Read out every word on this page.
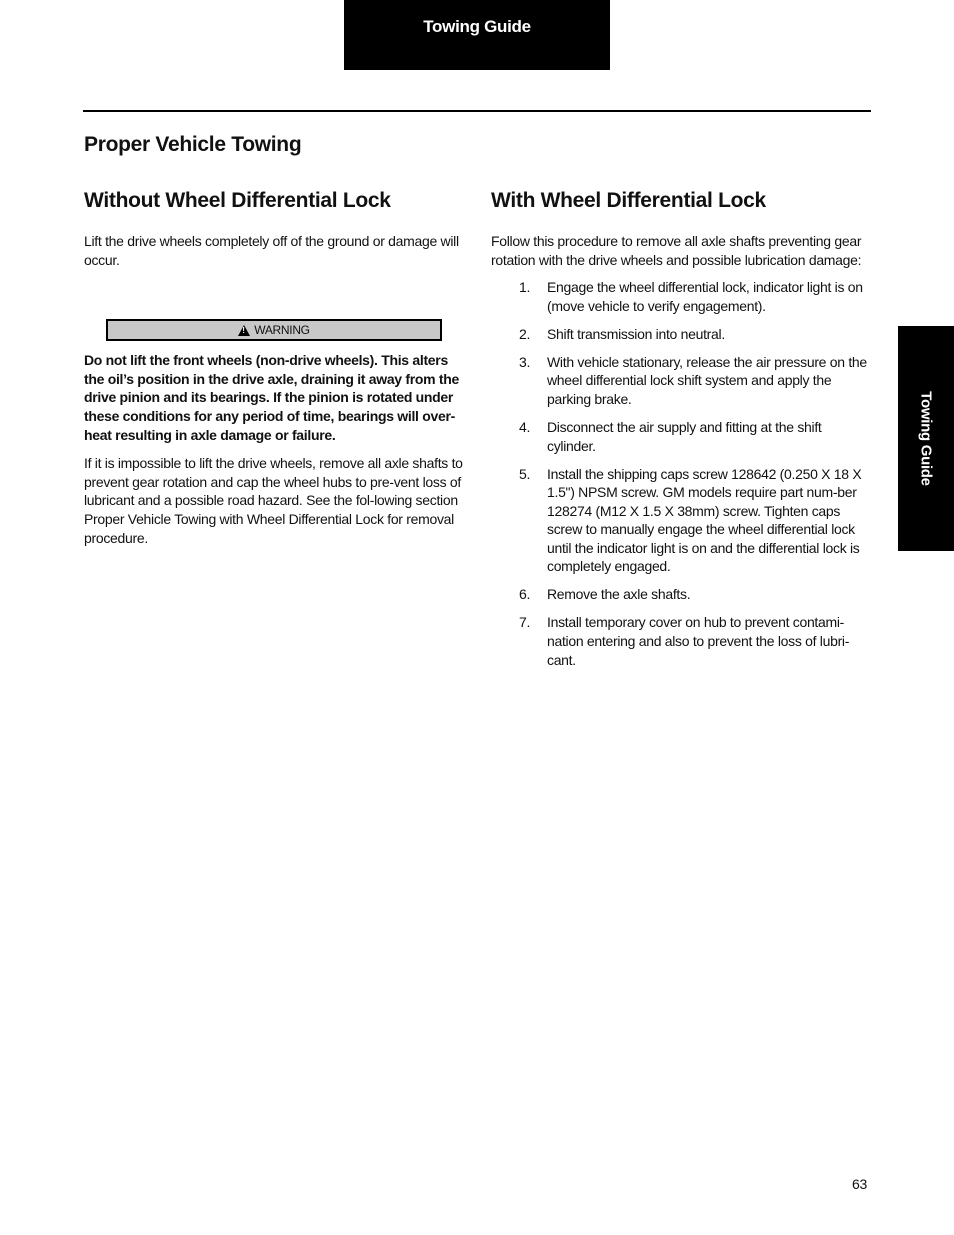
Towing Guide
Proper Vehicle Towing
Without Wheel Differential Lock

Lift the drive wheels completely off of the ground or damage will occur.

!
WARNING

Do not lift the front wheels (non-drive wheels). This alters the oil’s position in the drive axle, draining it away from the drive pinion and its bearings. If the pinion is rotated under these conditions for any period of time, bearings will over-heat resulting in axle damage or failure.

If it is impossible to lift the drive wheels, remove all axle shafts to prevent gear rotation and cap the wheel hubs to pre-vent loss of lubricant and a possible road hazard. See the fol-lowing section Proper Vehicle Towing with Wheel Differential Lock for removal procedure.

With Wheel Differential Lock

Follow this procedure to remove all axle shafts preventing gear rotation with the drive wheels and possible lubrication damage:

1.	Engage the wheel differential lock, indicator light is on (move vehicle to verify engagement).
2.	Shift transmission into neutral.
3.	With vehicle stationary, release the air pressure on the wheel differential lock shift system and apply the parking brake.
4.	Disconnect the air supply and fitting at the shift cylinder.
5.	Install the shipping caps screw 128642 (0.250 X 18 X 1.5") NPSM screw. GM models require part num-ber 128274 (M12 X 1.5 X 38mm) screw. Tighten caps screw to manually engage the wheel differential lock until the indicator light is on and the differential lock is completely engaged.
6.	Remove the axle shafts.
7.	Install temporary cover on hub to prevent contami-nation entering and also to prevent the loss of lubri-cant.
Towing Guide
63
